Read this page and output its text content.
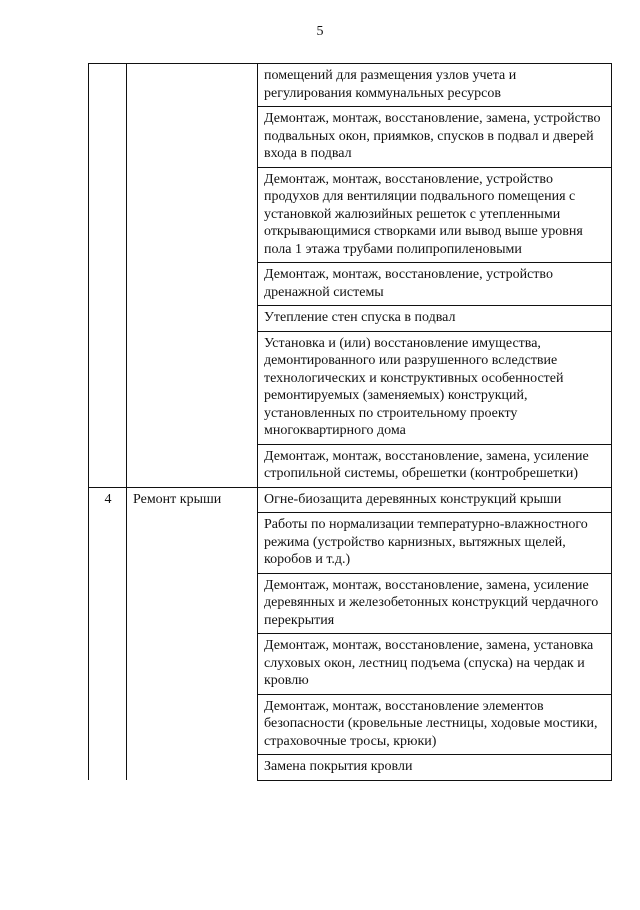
5

		помещений для размещения узлов учета и регулирования коммунальных ресурсов

		Демонтаж, монтаж, восстановление, замена, устройство подвальных окон, приямков, спусков в подвал и дверей входа в подвал

		Демонтаж, монтаж, восстановление, устройство продухов для вентиляции подвального помещения с установкой жалюзийных решеток с утепленными открывающимися створками или вывод выше уровня пола 1 этажа трубами полипропиленовыми

		Демонтаж, монтаж, восстановление, устройство дренажной системы

		Утепление стен спуска в подвал

		Установка и (или) восстановление имущества, демонтированного или разрушенного вследствие технологических и конструктивных особенностей ремонтируемых (заменяемых) конструкций, установленных по строительному проекту многоквартирного дома

		Демонтаж, монтаж, восстановление, замена, усиление стропильной системы, обрешетки (контробрешетки)

4	Ремонт крыши	Огне-биозащита деревянных конструкций крыши

		Работы по нормализации температурно-влажностного режима (устройство карнизных, вытяжных щелей, коробов и т.д.)

		Демонтаж, монтаж, восстановление, замена, усиление деревянных и железобетонных конструкций чердачного перекрытия

		Демонтаж, монтаж, восстановление, замена, установка слуховых окон, лестниц подъема (спуска) на чердак и кровлю

		Демонтаж, монтаж, восстановление элементов безопасности (кровельные лестницы, ходовые мостики, страховочные тросы, крюки)

		Замена покрытия кровли
